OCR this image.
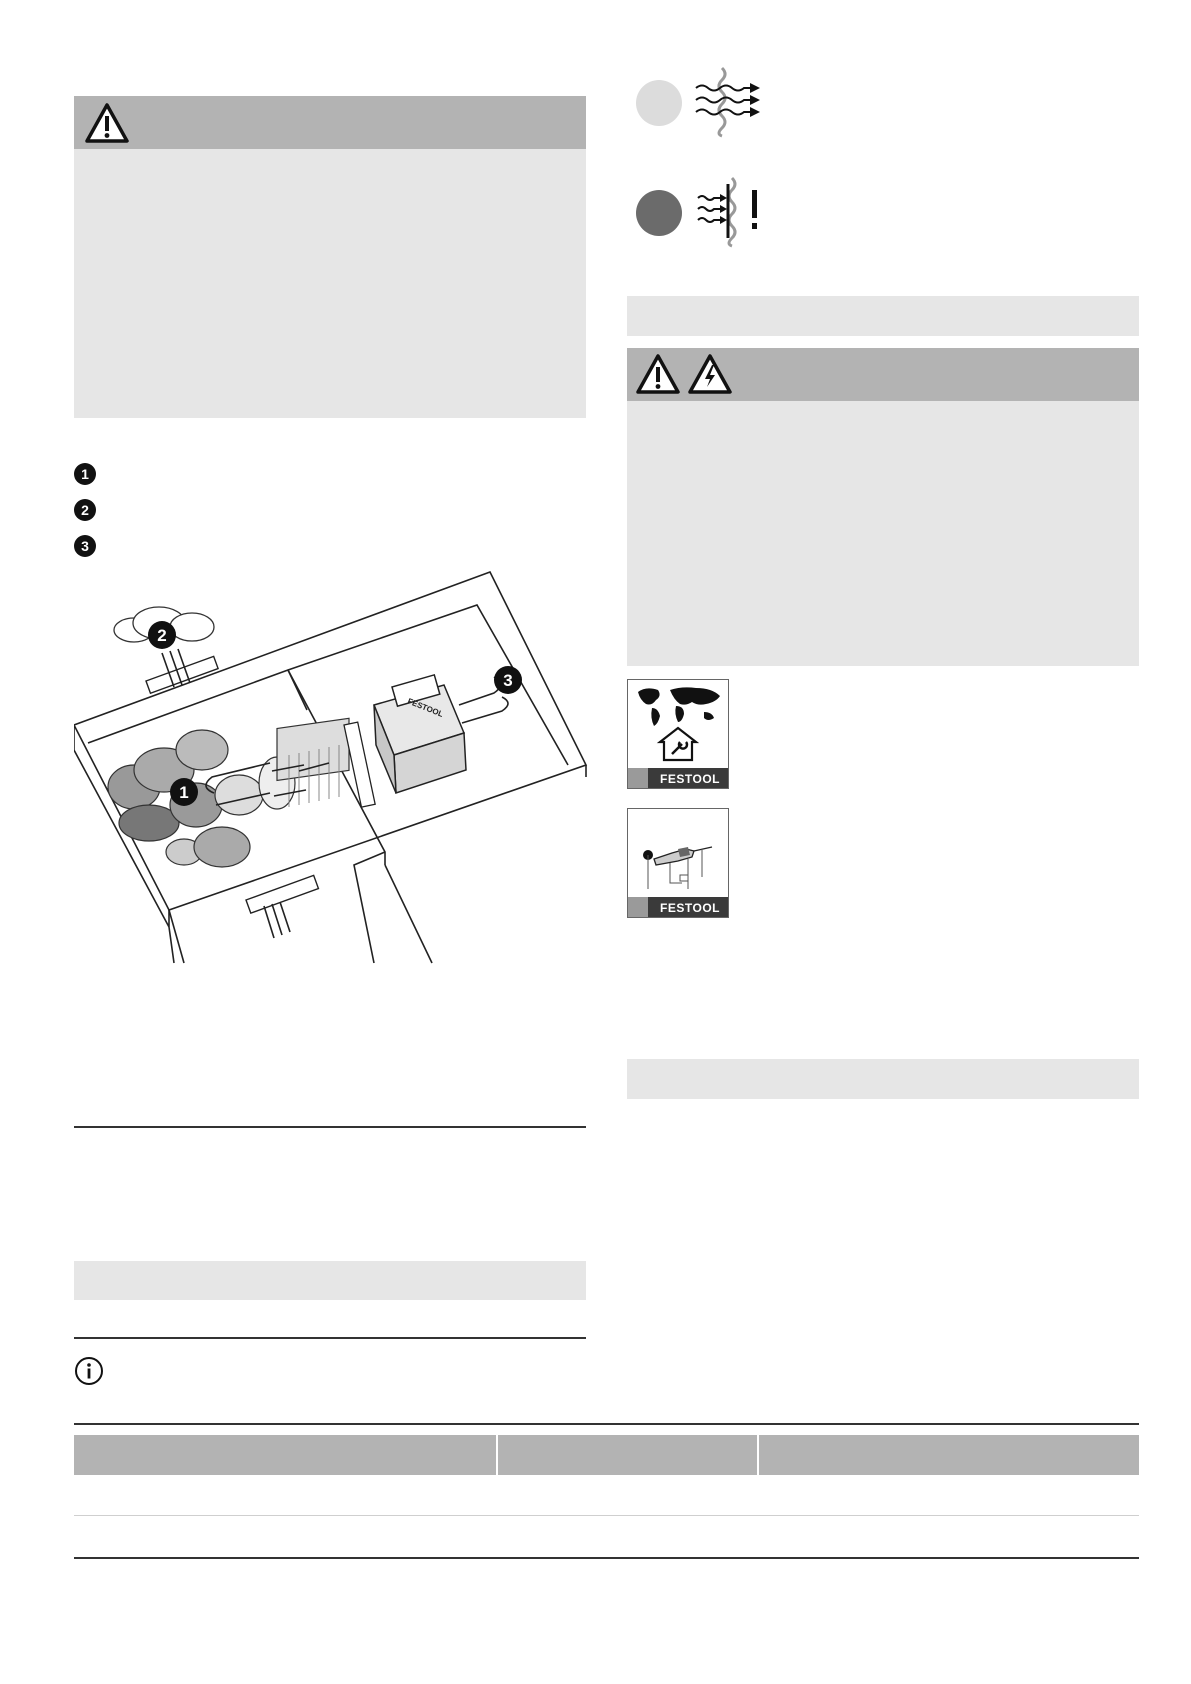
1
2
3
FESTOOL
2
1
3
FESTOOL
FESTOOL
